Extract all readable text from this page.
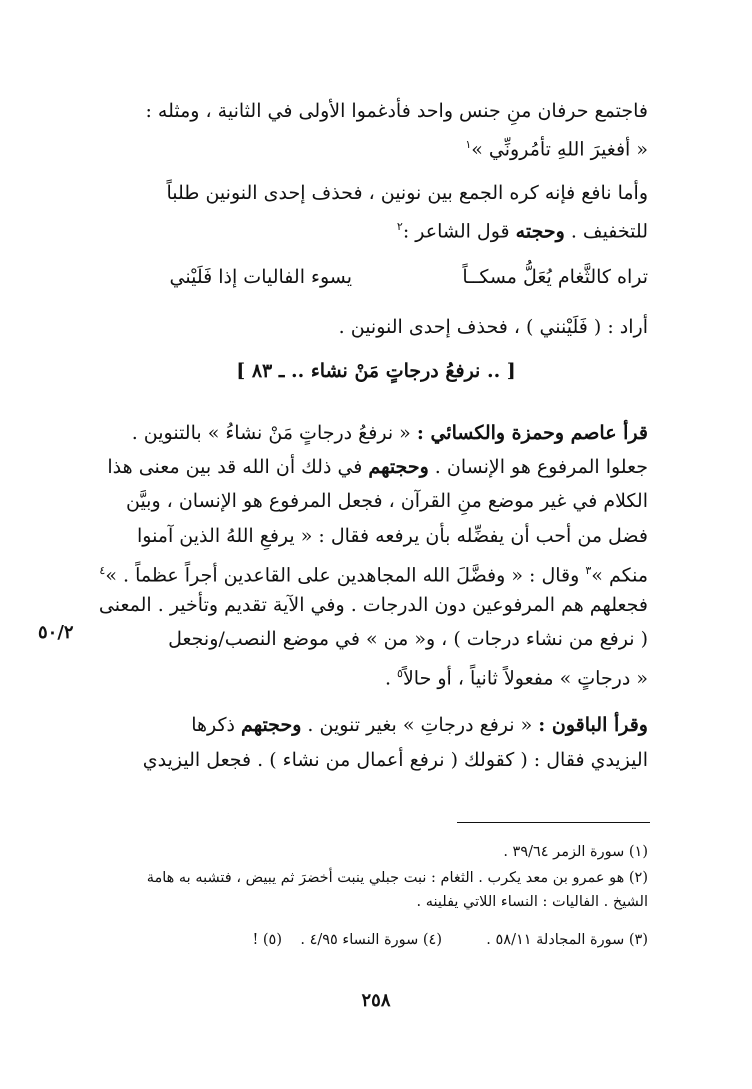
فاجتمع حرفان منِ جنس واحد فأدغموا الأولى في الثانية ، ومثله :
« أفغيرَ اللهِ تأمُرونِّي »$^١$
وأما نافع فإنه كره الجمع بين نونين ، فحذف إحدى النونين طلباً
للتخفيف . وحجته قول الشاعر :$^٢$
تراه كالثَّغام يُعَلُّ مسكــاً
يسوء الفاليات إذا فَلَيْني
أراد : ( فَلَيْنني ) ، فحذف إحدى النونين .
[ .. نرفعُ درجاتٍ مَنْ نشاء .. ـ ٨٣ ]
قرأ عاصم وحمزة والكسائي : « نرفعُ درجاتٍ مَنْ نشاءُ » بالتنوين .
جعلوا المرفوع هو الإنسان . وحجتهم في ذلك أن الله قد بين معنى هذا
الكلام في غير موضع منِ القرآن ، فجعل المرفوع هو الإنسان ، وبيَّن
فضل من أحب أن يفضِّله بأن يرفعه فقال : « يرفعِ اللهُ الذين آمنوا
منكم »$^٣$ وقال : « وفضَّلَ الله المجاهدين على القاعدين أجراً عظماً . »$^٤$
فجعلهم هم المرفوعين دون الدرجات . وفي الآية تقديم وتأخير . المعنى
( نرفع من نشاء درجات ) ، و« من » في موضع النصب/ونجعل
« درجاتٍ » مفعولاً ثانياً ، أو حالاً$^٥$ .
٥٠/٢
وقرأ الباقون : « نرفع درجاتِ » بغير تنوين . وحجتهم ذكرها
اليزيدي فقال : ( كقولك ( نرفع أعمال من نشاء ) . فجعل اليزيدي
(١) سورة الزمر ٣٩/٦٤ .
(٢) هو عمرو بن معد يكرب . الثغام : نبت جبلي ينبت أخضرَ ثم يبيض ، فتشبه به هامة
الشيخ . الفاليات : النساء اللاتي يفلينه .
(٣) سورة المجادلة ٥٨/١١ .
(٤) سورة النساء ٤/٩٥ .
(٥) !
٢٥٨
